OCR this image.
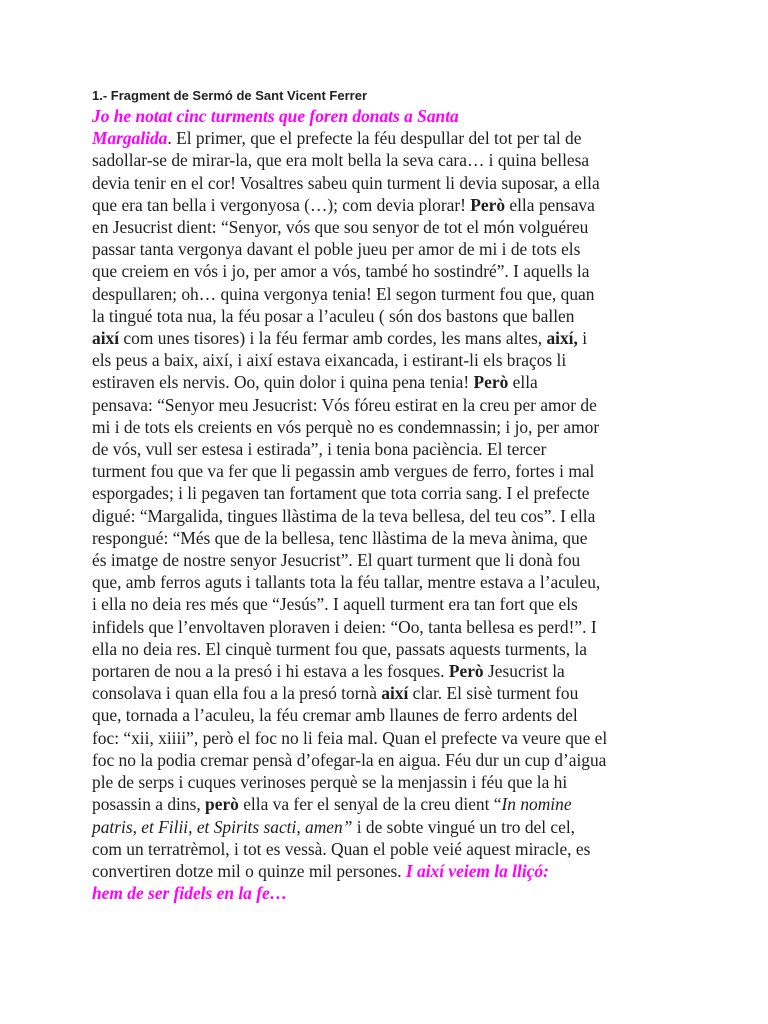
1.- Fragment de Sermó de Sant Vicent Ferrer

Jo he notat cinc turments que foren donats a Santa
Margalida. El primer, que el prefecte la féu despullar del tot per tal de
sadollar-se de mirar-la, que era molt bella la seva cara… i quina bellesa
devia tenir en el cor! Vosaltres sabeu quin turment li devia suposar, a ella
que era tan bella i vergonyosa (…); com devia plorar! Però ella pensava
en Jesucrist dient: “Senyor, vós que sou senyor de tot el món volguéreu
passar tanta vergonya davant el poble jueu per amor de mi i de tots els
que creiem en vós i jo, per amor a vós, també ho sostindré”. I aquells la
despullaren; oh… quina vergonya tenia! El segon turment fou que, quan
la tingué tota nua, la féu posar a l’aculeu ( són dos bastons que ballen
així com unes tisores) i la féu fermar amb cordes, les mans altes, així, i
els peus a baix, així, i així estava eixancada, i estirant-li els braços li
estiraven els nervis. Oo, quin dolor i quina pena tenia! Però ella
pensava: “Senyor meu Jesucrist: Vós fóreu estirat en la creu per amor de
mi i de tots els creients en vós perquè no es condemnassin; i jo, per amor
de vós, vull ser estesa i estirada”, i tenia bona paciència. El tercer
turment fou que va fer que li pegassin amb vergues de ferro, fortes i mal
esporgades; i li pegaven tan fortament que tota corria sang. I el prefecte
digué: “Margalida, tingues llàstima de la teva bellesa, del teu cos”. I ella
respongué: “Més que de la bellesa, tenc llàstima de la meva ànima, que
és imatge de nostre senyor Jesucrist”. El quart turment que li donà fou
que, amb ferros aguts i tallants tota la féu tallar, mentre estava a l’aculeu,
i ella no deia res més que “Jesús”. I aquell turment era tan fort que els
infidels que l’envoltaven ploraven i deien: “Oo, tanta bellesa es perd!”. I
ella no deia res. El cinquè turment fou que, passats aquests turments, la
portaren de nou a la presó i hi estava a les fosques. Però Jesucrist la
consolava i quan ella fou a la presó tornà així clar. El sisè turment fou
que, tornada a l’aculeu, la féu cremar amb llaunes de ferro ardents del
foc: “xii, xiiii”, però el foc no li feia mal. Quan el prefecte va veure que el
foc no la podia cremar pensà d’ofegar-la en aigua. Féu dur un cup d’aigua
ple de serps i cuques verinoses perquè se la menjassin i féu que la hi
posassin a dins, però ella va fer el senyal de la creu dient “In nomine
patris, et Filii, et Spirits sacti, amen” i de sobte vingué un tro del cel,
com un terratrèmol, i tot es vessà. Quan el poble veié aquest miracle, es
convertiren dotze mil o quinze mil persones. I així veiem la lliçó:
hem de ser fidels en la fe…
